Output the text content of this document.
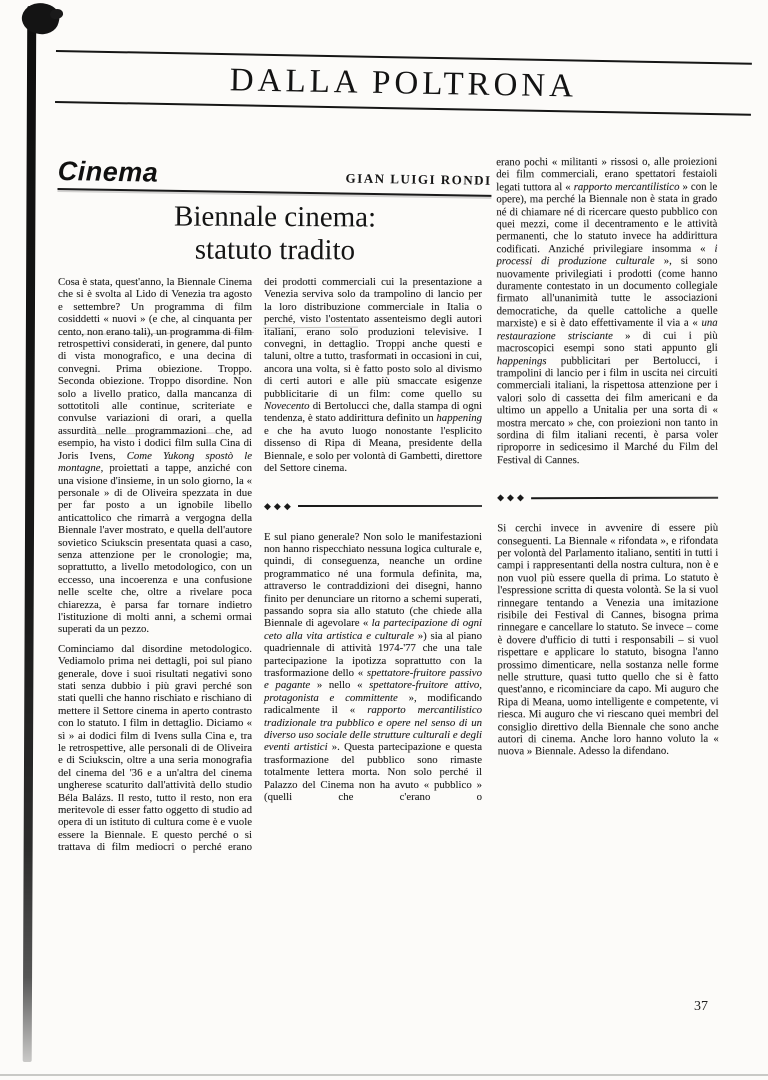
DALLA POLTRONA
Cinema	GIAN LUIGI RONDI
Biennale cinema:
statuto tradito

Cosa è stata, quest'anno, la Biennale Cinema che si è svolta al Lido di Venezia tra agosto e settembre? Un programma di film cosiddetti « nuovi » (e che, al cinquanta per cento, non erano tali), un programma di film retrospettivi considerati, in genere, dal punto di vista monografico, e una decina di convegni. Prima obiezione. Troppo. Seconda obiezione. Troppo disordine. Non solo a livello pratico, dalla mancanza di sottotitoli alle continue, scriteriate e convulse variazioni di orari, a quella assurdità nelle programmazioni che, ad esempio, ha visto i dodici film sulla Cina di Joris Ivens, Come Yukong spostò le montagne, proiettati a tappe, anziché con una visione d'insieme, in un solo giorno, la « personale » di de Oliveira spezzata in due per far posto a un ignobile libello anticattolico che rimarrà a vergogna della Biennale l'aver mostrato, e quella dell'autore sovietico Sciukscin presentata quasi a caso, senza attenzione per le cronologie; ma, soprattutto, a livello metodologico, con un eccesso, una incoerenza e una confusione nelle scelte che, oltre a rivelare poca chiarezza, è parsa far tornare indietro l'istituzione di molti anni, a schemi ormai superati da un pezzo.

Cominciamo dal disordine metodologico. Vediamolo prima nei dettagli, poi sul piano generale, dove i suoi risultati negativi sono stati senza dubbio i più gravi perché son stati quelli che hanno rischiato e rischiano di mettere il Settore cinema in aperto contrasto con lo statuto. I film in dettaglio. Diciamo « sì » ai dodici film di Ivens sulla Cina e, tra le retrospettive, alle personali di de Oliveira e di Sciukscin, oltre a una seria monografia del cinema del '36 e a un'altra del cinema ungherese scaturito dall'attività dello studio Béla Balázs. Il resto, tutto il resto, non era meritevole di esser fatto oggetto di studio ad opera di un istituto di cultura come è e vuole essere la Biennale. E questo perché o si trattava di film mediocri o perché erano

dei prodotti commerciali cui la presentazione a Venezia serviva solo da trampolino di lancio per la loro distribuzione commerciale in Italia o perché, visto l'ostentato assenteismo degli autori italiani, erano solo produzioni televisive. I convegni, in dettaglio. Troppi anche questi e taluni, oltre a tutto, trasformati in occasioni in cui, ancora una volta, si è fatto posto solo al divismo di certi autori e alle più smaccate esigenze pubblicitarie di un film: come quello su Novecento di Bertolucci che, dalla stampa di ogni tendenza, è stato addirittura definito un happening e che ha avuto luogo nonostante l'esplicito dissenso di Ripa di Meana, presidente della Biennale, e solo per volontà di Gambetti, direttore del Settore cinema.

◆ ◆ ◆

E sul piano generale? Non solo le manifestazioni non hanno rispecchiato nessuna logica culturale e, quindi, di conseguenza, neanche un ordine programmatico né una formula definita, ma, attraverso le contraddizioni dei disegni, hanno finito per denunciare un ritorno a schemi superati, passando sopra sia allo statuto (che chiede alla Biennale di agevolare « la partecipazione di ogni ceto alla vita artistica e culturale ») sia al piano quadriennale di attività 1974-'77 che una tale partecipazione la ipotizza soprattutto con la trasformazione dello « spettatore-fruitore passivo e pagante » nello « spettatore-fruitore attivo, protagonista e committente », modificando radicalmente il « rapporto mercantilistico tradizionale tra pubblico e opere nel senso di un diverso uso sociale delle strutture culturali e degli eventi artistici ». Questa partecipazione e questa trasformazione del pubblico sono rimaste totalmente lettera morta. Non solo perché il Palazzo del Cinema non ha avuto « pubblico » (quelli che c'erano o

erano pochi « militanti » rissosi o, alle proiezioni dei film commerciali, erano spettatori festaioli legati tuttora al « rapporto mercantilistico » con le opere), ma perché la Biennale non è stata in grado né di chiamare né di ricercare questo pubblico con quei mezzi, come il decentramento e le attività permanenti, che lo statuto invece ha addirittura codificati. Anziché privilegiare insomma « i processi di produzione culturale », si sono nuovamente privilegiati i prodotti (come hanno duramente contestato in un documento collegiale firmato all'unanimità tutte le associazioni democratiche, da quelle cattoliche a quelle marxiste) e si è dato effettivamente il via a « una restaurazione strisciante » di cui i più macroscopici esempi sono stati appunto gli happenings pubblicitari per Bertolucci, i trampolini di lancio per i film in uscita nei circuiti commerciali italiani, la rispettosa attenzione per i valori solo di cassetta dei film americani e da ultimo un appello a Unitalia per una sorta di « mostra mercato » che, con proiezioni non tanto in sordina di film italiani recenti, è parsa voler riproporre in sedicesimo il Marché du Film del Festival di Cannes.

◆ ◆ ◆

Si cerchi invece in avvenire di essere più conseguenti. La Biennale « rifondata », e rifondata per volontà del Parlamento italiano, sentiti in tutti i campi i rappresentanti della nostra cultura, non è e non vuol più essere quella di prima. Lo statuto è l'espressione scritta di questa volontà. Se la si vuol rinnegare tentando a Venezia una imitazione risibile dei Festival di Cannes, bisogna prima rinnegare e cancellare lo statuto. Se invece – come è dovere d'ufficio di tutti i responsabili – si vuol rispettare e applicare lo statuto, bisogna l'anno prossimo dimenticare, nella sostanza nelle forme nelle strutture, quasi tutto quello che si è fatto quest'anno, e ricominciare da capo. Mi auguro che Ripa di Meana, uomo intelligente e competente, vi riesca. Mi auguro che vi riescano quei membri del consiglio direttivo della Biennale che sono anche autori di cinema. Anche loro hanno voluto la « nuova » Biennale. Adesso la difendano.

37
